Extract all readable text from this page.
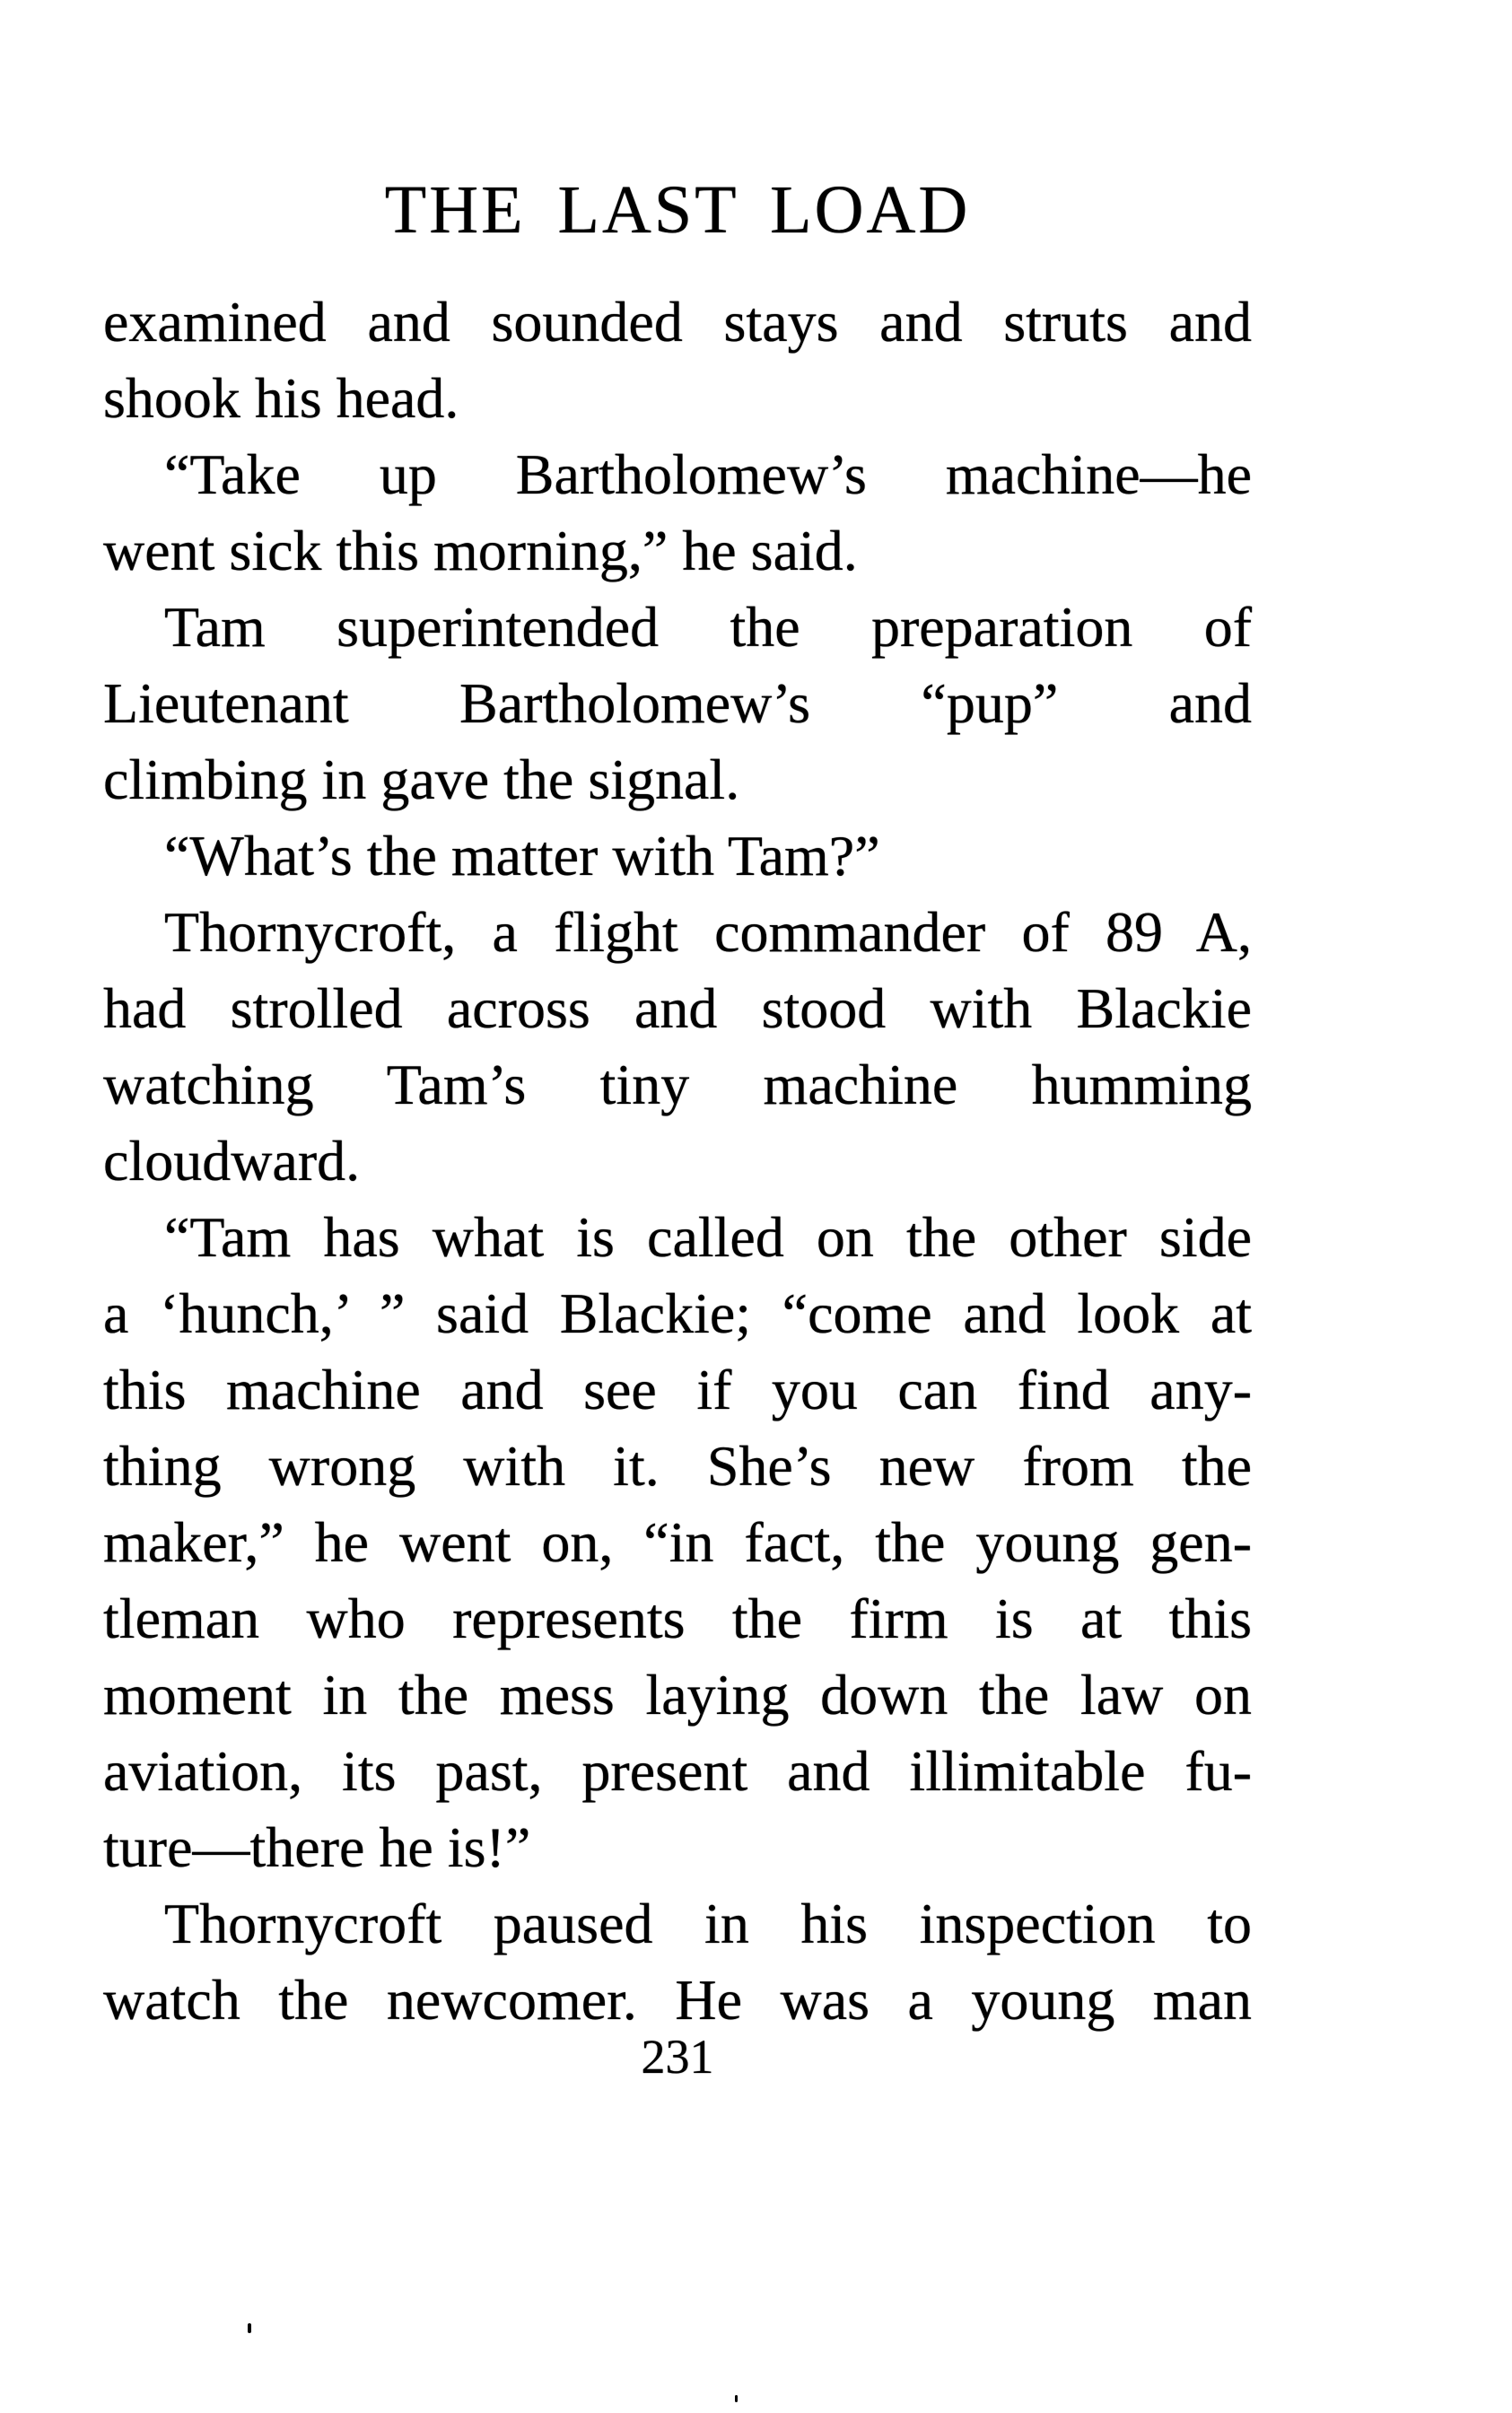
THE LAST LOAD
examined and sounded stays and struts and
shook his head.
“Take up Bartholomew’s machine—he
went sick this morning,” he said.
Tam superintended the preparation of
Lieutenant Bartholomew’s “pup” and
climbing in gave the signal.
“What’s the matter with Tam?”
Thornycroft, a flight commander of 89 A,
had strolled across and stood with Blackie
watching Tam’s tiny machine humming
cloudward.
“Tam has what is called on the other side
a ‘hunch,’ ” said Blackie; “come and look at
this machine and see if you can find any-
thing wrong with it. She’s new from the
maker,” he went on, “in fact, the young gen-
tleman who represents the firm is at this
moment in the mess laying down the law on
aviation, its past, present and illimitable fu-
ture—there he is!”
Thornycroft paused in his inspection to
watch the newcomer. He was a young man
231
